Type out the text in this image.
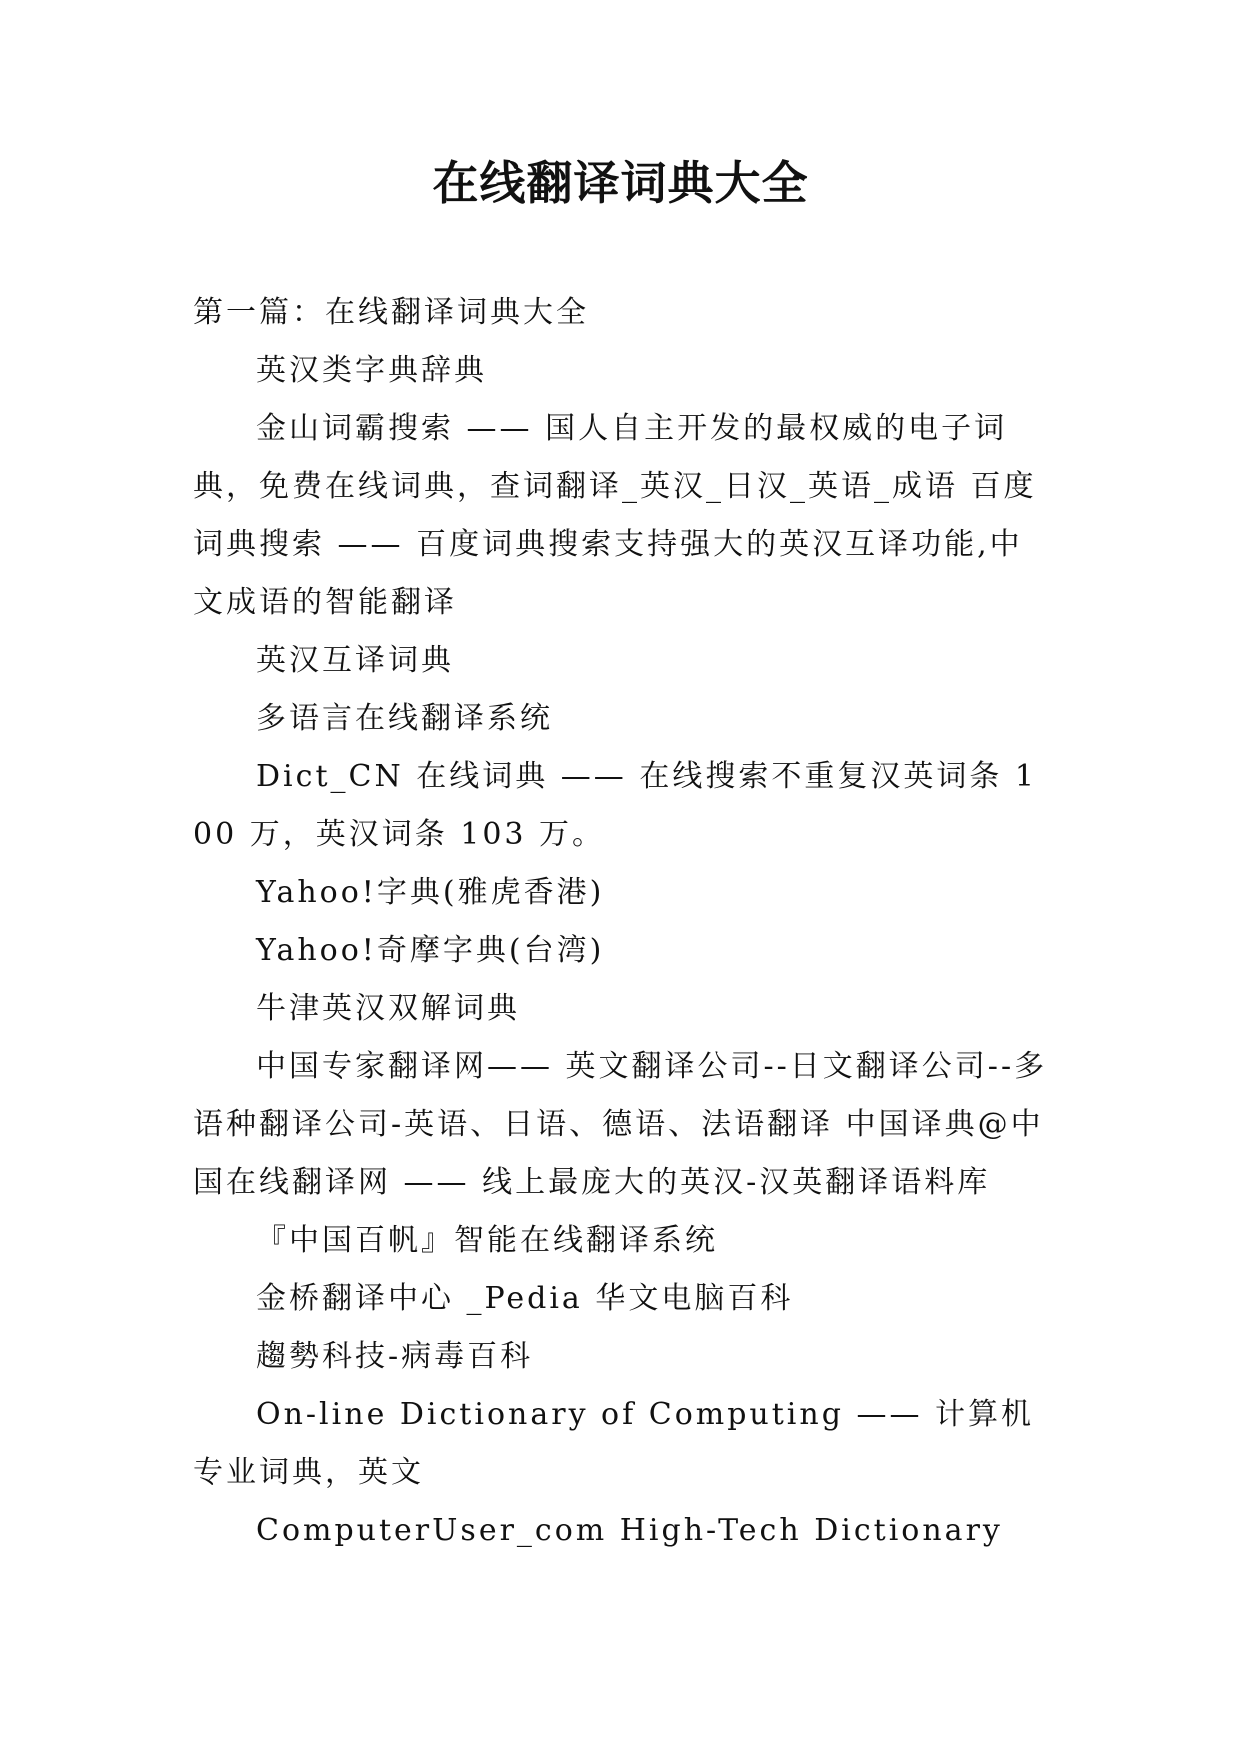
在线翻译词典大全

第一篇：在线翻译词典大全

英汉类字典辞典

金山词霸搜索 —— 国人自主开发的最权威的电子词典，免费在线词典，查词翻译_英汉_日汉_英语_成语 百度词典搜索 —— 百度词典搜索支持强大的英汉互译功能,中文成语的智能翻译

英汉互译词典

多语言在线翻译系统

Dict_CN 在线词典 —— 在线搜索不重复汉英词条 100 万，英汉词条 103 万。

Yahoo!字典(雅虎香港)

Yahoo!奇摩字典(台湾)

牛津英汉双解词典

中国专家翻译网—— 英文翻译公司--日文翻译公司--多语种翻译公司-英语、日语、德语、法语翻译 中国译典@中国在线翻译网 —— 线上最庞大的英汉-汉英翻译语料库

『中国百帆』智能在线翻译系统

金桥翻译中心 _Pedia 华文电脑百科

趨勢科技-病毒百科

On-line Dictionary of Computing —— 计算机专业词典，英文

ComputerUser_com High-Tech Dictionary
